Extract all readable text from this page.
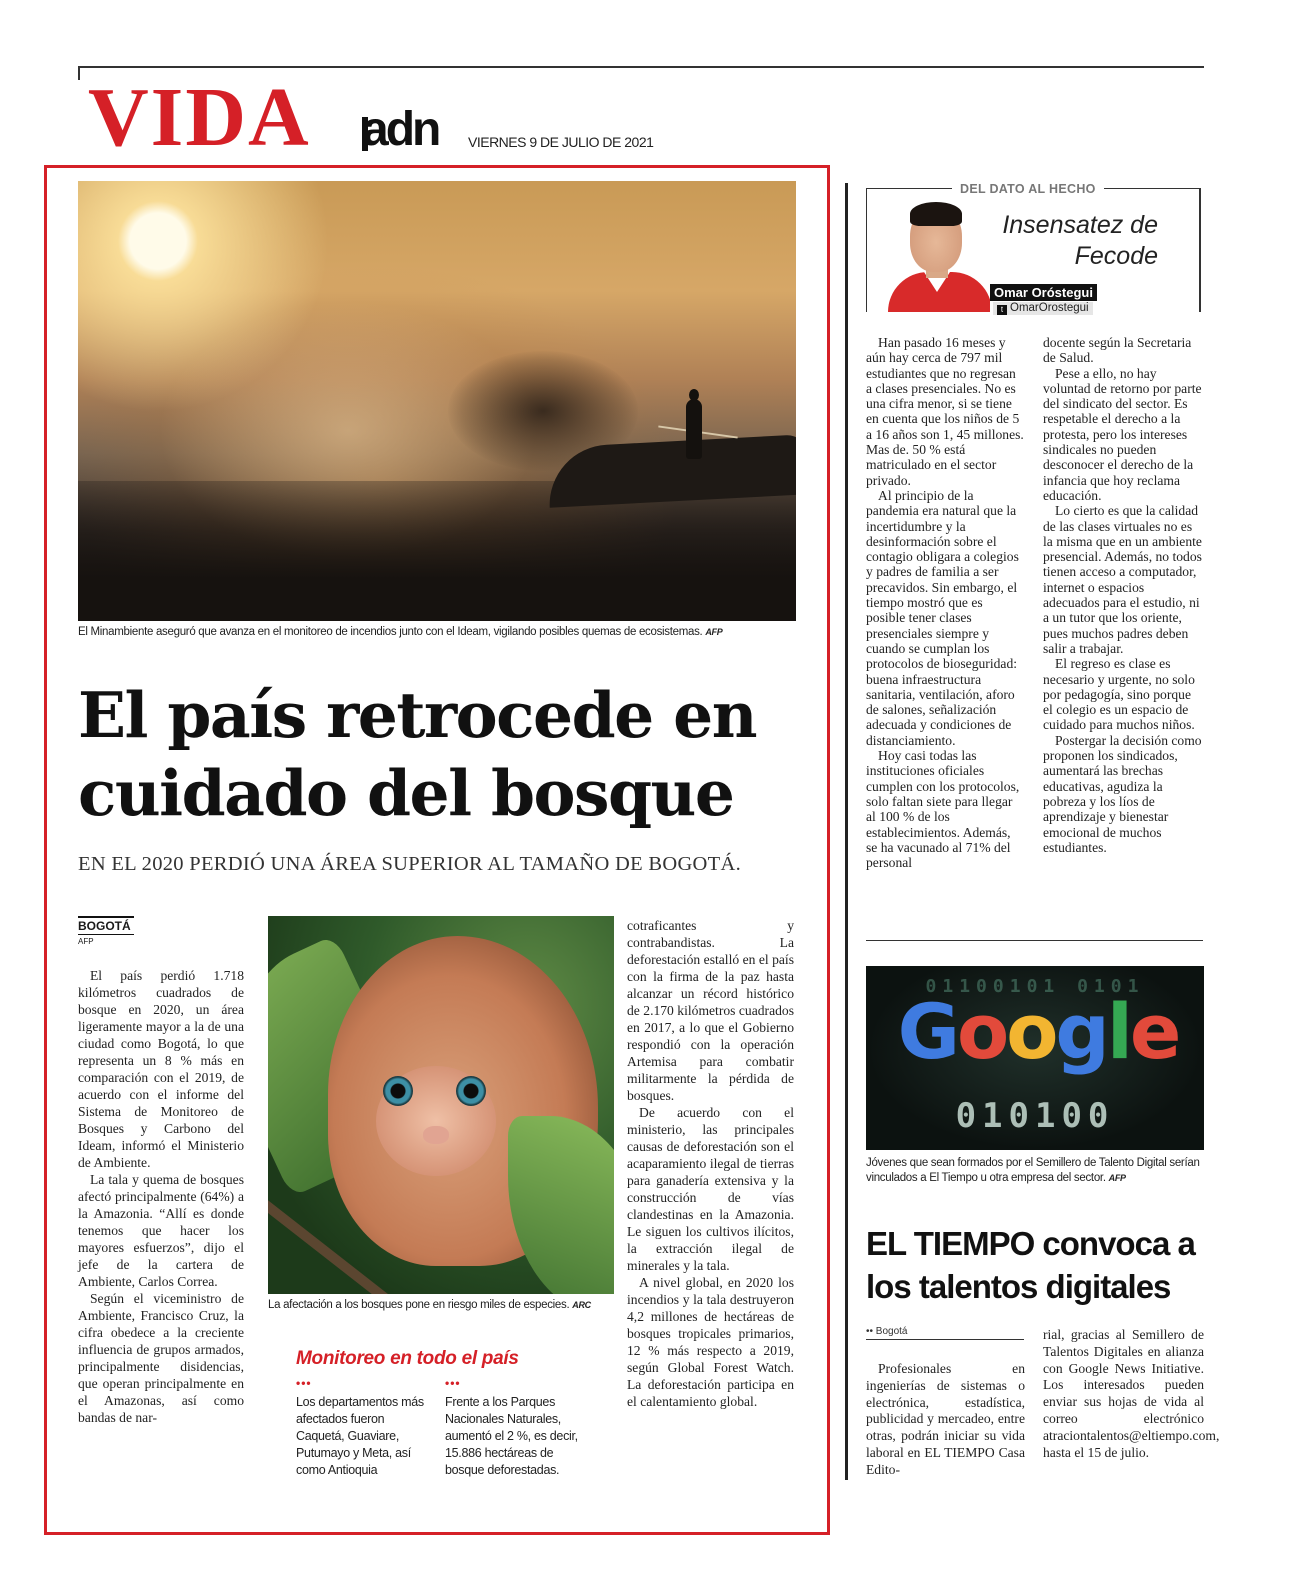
VIDA adn VIERNES 9 DE JULIO DE 2021
El Minambiente aseguró que avanza en el monitoreo de incendios junto con el Ideam, vigilando posibles quemas de ecosistemas. AFP
El país retrocede en cuidado del bosque
EN EL 2020 PERDIÓ UNA ÁREA SUPERIOR AL TAMAÑO DE BOGOTÁ.
BOGOTÁ
AFP

El país perdió 1.718 kilómetros cuadrados de bosque en 2020, un área ligeramente mayor a la de una ciudad como Bogotá, lo que representa un 8 % más en comparación con el 2019, de acuerdo con el informe del Sistema de Monitoreo de Bosques y Carbono del Ideam, informó el Ministerio de Ambiente.

La tala y quema de bosques afectó principalmente (64%) a la Amazonia. “Allí es donde tenemos que hacer los mayores esfuerzos”, dijo el jefe de la cartera de Ambiente, Carlos Correa.

Según el viceministro de Ambiente, Francisco Cruz, la cifra obedece a la creciente influencia de grupos armados, principalmente disidencias, que operan principalmente en el Amazonas, así como bandas de nar-

La afectación a los bosques pone en riesgo miles de especies. ARC
Monitoreo en todo el país
•••	•••
Los departamentos más afectados fueron Caquetá, Guaviare, Putumayo y Meta, así como Antioquia
Frente a los Parques Nacionales Naturales, aumentó el 2 %, es decir, 15.886 hectáreas de bosque deforestadas.

cotraficantes y contrabandistas. La deforestación estalló en el país con la firma de la paz hasta alcanzar un récord histórico de 2.170 kilómetros cuadrados en 2017, a lo que el Gobierno respondió con la operación Artemisa para combatir militarmente la pérdida de bosques.

De acuerdo con el ministerio, las principales causas de deforestación son el acaparamiento ilegal de tierras para ganadería extensiva y la construcción de vías clandestinas en la Amazonia. Le siguen los cultivos ilícitos, la extracción ilegal de minerales y la tala.

A nivel global, en 2020 los incendios y la tala destruyeron 4,2 millones de hectáreas de bosques tropicales primarios, 12 % más respecto a 2019, según Global Forest Watch. La deforestación participa en el calentamiento global.

DEL DATO AL HECHO
Insensatez de Fecode
Omar Oróstegui
t OmarOrostegui

Han pasado 16 meses y aún hay cerca de 797 mil estudiantes que no regresan a clases presenciales. No es una cifra menor, si se tiene en cuenta que los niños de 5 a 16 años son 1, 45 millones. Mas de. 50 % está matriculado en el sector privado.

Al principio de la pandemia era natural que la incertidumbre y la desinformación sobre el contagio obligara a colegios y padres de familia a ser precavidos. Sin embargo, el tiempo mostró que es posible tener clases presenciales siempre y cuando se cumplan los protocolos de bioseguridad: buena infraestructura sanitaria, ventilación, aforo de salones, señalización adecuada y condiciones de distanciamiento.

Hoy casi todas las instituciones oficiales cumplen con los protocolos, solo faltan siete para llegar al 100 % de los establecimientos. Además, se ha vacunado al 71% del personal

docente según la Secretaria de Salud.

Pese a ello, no hay voluntad de retorno por parte del sindicato del sector. Es respetable el derecho a la protesta, pero los intereses sindicales no pueden desconocer el derecho de la infancia que hoy reclama educación.

Lo cierto es que la calidad de las clases virtuales no es la misma que en un ambiente presencial. Además, no todos tienen acceso a computador, internet o espacios adecuados para el estudio, ni a un tutor que los oriente, pues muchos padres deben salir a trabajar.

El regreso es clase es necesario y urgente, no solo por pedagogía, sino porque el colegio es un espacio de cuidado para muchos niños.

Postergar la decisión como proponen los sindicados, aumentará las brechas educativas, agudiza la pobreza y los líos de aprendizaje y bienestar emocional de muchos estudiantes.

01100101 0101
Google
010100
Jóvenes que sean formados por el Semillero de Talento Digital serían vinculados a El Tiempo u otra empresa del sector. AFP
EL TIEMPO convoca a los talentos digitales
•• Bogotá

Profesionales en ingenierías de sistemas o electrónica, estadística, publicidad y mercadeo, entre otras, podrán iniciar su vida laboral en EL TIEMPO Casa Edito-

rial, gracias al Semillero de Talentos Digitales en alianza con Google News Initiative. Los interesados pueden enviar sus hojas de vida al correo electrónico atraciontalentos@eltiempo.com, hasta el 15 de julio.
